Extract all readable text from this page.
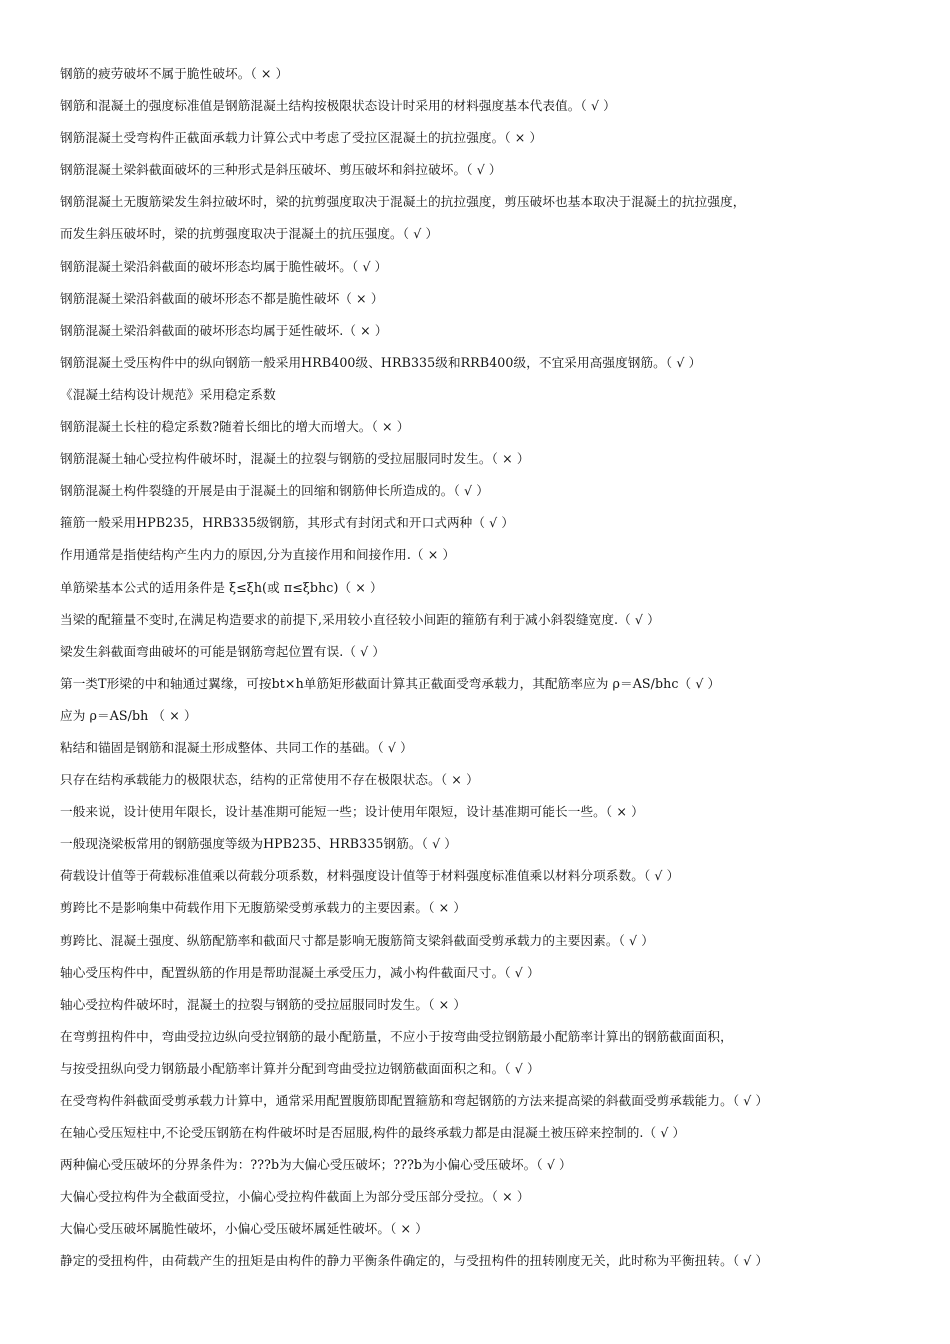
钢筋的疲劳破坏不属于脆性破坏。（ × ）
钢筋和混凝土的强度标准值是钢筋混凝土结构按极限状态设计时采用的材料强度基本代表值。（ √ ）
钢筋混凝土受弯构件正截面承载力计算公式中考虑了受拉区混凝土的抗拉强度。（ × ）
钢筋混凝土梁斜截面破坏的三种形式是斜压破坏、剪压破坏和斜拉破坏。（ √ ）
钢筋混凝土无腹筋梁发生斜拉破坏时，梁的抗剪强度取决于混凝土的抗拉强度，剪压破坏也基本取决于混凝土的抗拉强度，
而发生斜压破坏时，梁的抗剪强度取决于混凝土的抗压强度。（ √ ）
钢筋混凝土梁沿斜截面的破坏形态均属于脆性破坏。（ √ ）
钢筋混凝土梁沿斜截面的破坏形态不都是脆性破坏（ × ）
钢筋混凝土梁沿斜截面的破坏形态均属于延性破坏.（ × ）
钢筋混凝土受压构件中的纵向钢筋一般采用HRB400级、HRB335级和RRB400级，不宜采用高强度钢筋。（ √ ）
《混凝土结构设计规范》采用稳定系数
钢筋混凝土长柱的稳定系数?随着长细比的增大而增大。（ × ）
钢筋混凝土轴心受拉构件破坏时，混凝土的拉裂与钢筋的受拉屈服同时发生。（ × ）
钢筋混凝土构件裂缝的开展是由于混凝土的回缩和钢筋伸长所造成的。（ √ ）
箍筋一般采用HPB235，HRB335级钢筋，其形式有封闭式和开口式两种（ √ ）
作用通常是指使结构产生内力的原因,分为直接作用和间接作用.（ × ）
单筋梁基本公式的适用条件是 ξ≤ξh(或 π≤ξbhc)（ × ）
当梁的配箍量不变时,在满足构造要求的前提下,采用较小直径较小间距的箍筋有利于减小斜裂缝宽度.（ √ ）
梁发生斜截面弯曲破坏的可能是钢筋弯起位置有误.（ √ ）
第一类T形梁的中和轴通过翼缘，可按bt×h单筋矩形截面计算其正截面受弯承载力，其配筋率应为 ρ＝AS/bhc（ √ ）
应为 ρ＝AS/bh （ × ）
粘结和锚固是钢筋和混凝土形成整体、共同工作的基础。（ √ ）
只存在结构承载能力的极限状态，结构的正常使用不存在极限状态。（ × ）
一般来说，设计使用年限长，设计基准期可能短一些；设计使用年限短，设计基准期可能长一些。（ × ）
一般现浇梁板常用的钢筋强度等级为HPB235、HRB335钢筋。（ √ ）
荷载设计值等于荷载标准值乘以荷载分项系数，材料强度设计值等于材料强度标准值乘以材料分项系数。（ √ ）
剪跨比不是影响集中荷载作用下无腹筋梁受剪承载力的主要因素。（ × ）
剪跨比、混凝土强度、纵筋配筋率和截面尺寸都是影响无腹筋简支梁斜截面受剪承载力的主要因素。（ √ ）
轴心受压构件中，配置纵筋的作用是帮助混凝土承受压力，减小构件截面尺寸。（ √ ）
轴心受拉构件破坏时，混凝土的拉裂与钢筋的受拉屈服同时发生。（ × ）
在弯剪扭构件中，弯曲受拉边纵向受拉钢筋的最小配筋量，不应小于按弯曲受拉钢筋最小配筋率计算出的钢筋截面面积，
与按受扭纵向受力钢筋最小配筋率计算并分配到弯曲受拉边钢筋截面面积之和。（ √ ）
在受弯构件斜截面受剪承载力计算中，通常采用配置腹筋即配置箍筋和弯起钢筋的方法来提高梁的斜截面受剪承载能力。（ √ ）
在轴心受压短柱中,不论受压钢筋在构件破坏时是否屈服,构件的最终承载力都是由混凝土被压碎来控制的.（ √ ）
两种偏心受压破坏的分界条件为：???b为大偏心受压破坏；???b为小偏心受压破坏。（ √ ）
大偏心受拉构件为全截面受拉，小偏心受拉构件截面上为部分受压部分受拉。（ × ）
大偏心受压破坏属脆性破坏，小偏心受压破坏属延性破坏。（ × ）
静定的受扭构件，由荷载产生的扭矩是由构件的静力平衡条件确定的，与受扭构件的扭转刚度无关，此时称为平衡扭转。（ √ ）
